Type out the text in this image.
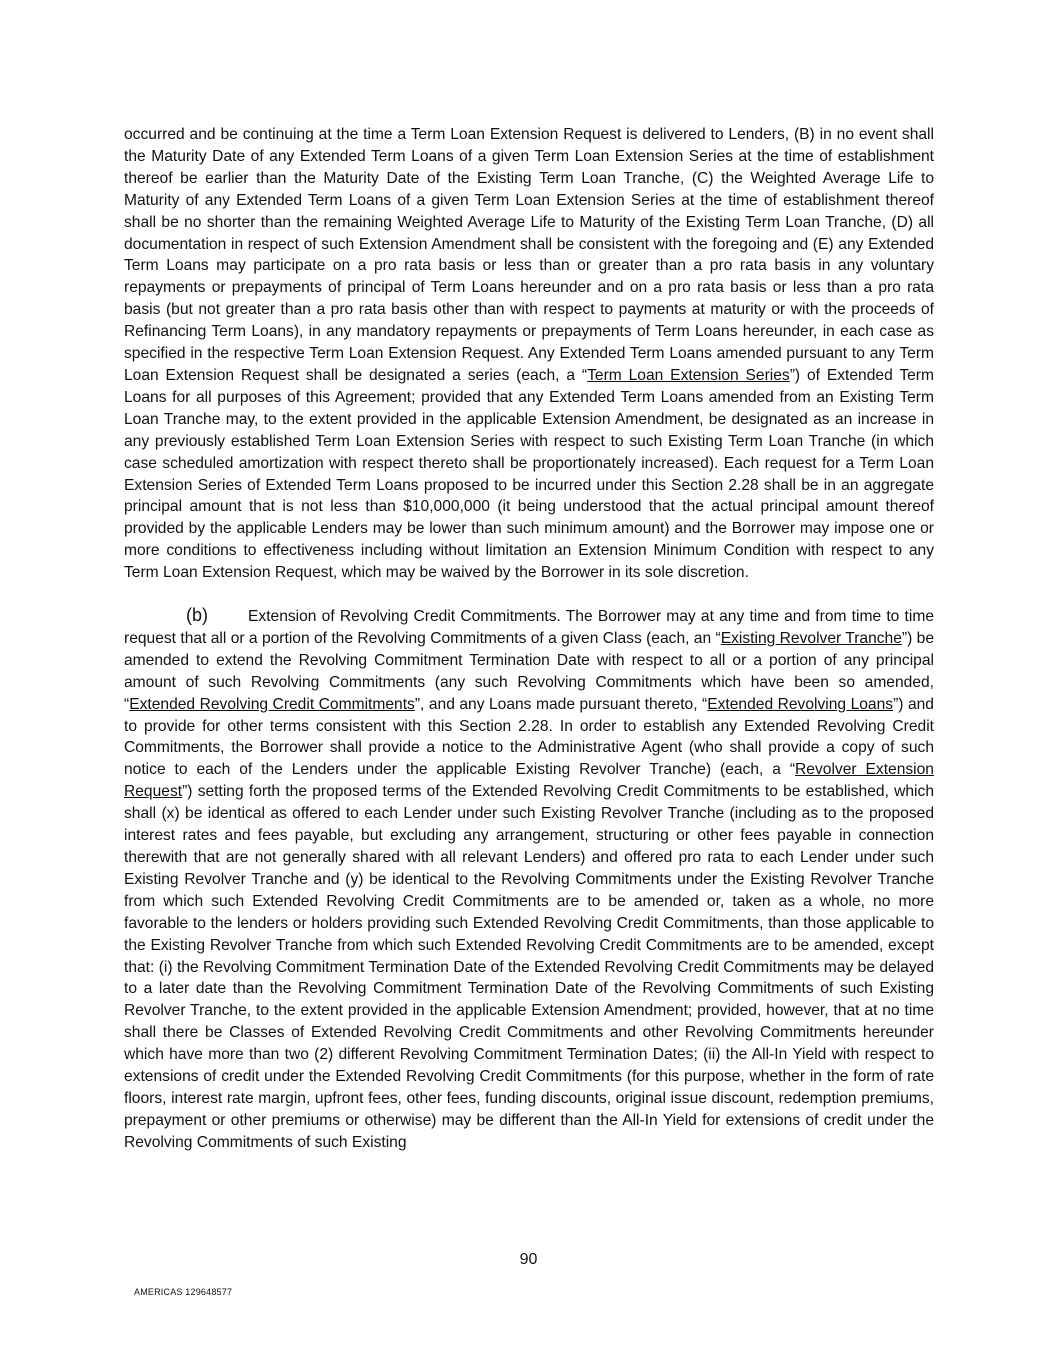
occurred and be continuing at the time a Term Loan Extension Request is delivered to Lenders, (B) in no event shall the Maturity Date of any Extended Term Loans of a given Term Loan Extension Series at the time of establishment thereof be earlier than the Maturity Date of the Existing Term Loan Tranche, (C) the Weighted Average Life to Maturity of any Extended Term Loans of a given Term Loan Extension Series at the time of establishment thereof shall be no shorter than the remaining Weighted Average Life to Maturity of the Existing Term Loan Tranche, (D) all documentation in respect of such Extension Amendment shall be consistent with the foregoing and (E) any Extended Term Loans may participate on a pro rata basis or less than or greater than a pro rata basis in any voluntary repayments or prepayments of principal of Term Loans hereunder and on a pro rata basis or less than a pro rata basis (but not greater than a pro rata basis other than with respect to payments at maturity or with the proceeds of Refinancing Term Loans), in any mandatory repayments or prepayments of Term Loans hereunder, in each case as specified in the respective Term Loan Extension Request. Any Extended Term Loans amended pursuant to any Term Loan Extension Request shall be designated a series (each, a “Term Loan Extension Series”) of Extended Term Loans for all purposes of this Agreement; provided that any Extended Term Loans amended from an Existing Term Loan Tranche may, to the extent provided in the applicable Extension Amendment, be designated as an increase in any previously established Term Loan Extension Series with respect to such Existing Term Loan Tranche (in which case scheduled amortization with respect thereto shall be proportionately increased). Each request for a Term Loan Extension Series of Extended Term Loans proposed to be incurred under this Section 2.28 shall be in an aggregate principal amount that is not less than $10,000,000 (it being understood that the actual principal amount thereof provided by the applicable Lenders may be lower than such minimum amount) and the Borrower may impose one or more conditions to effectiveness including without limitation an Extension Minimum Condition with respect to any Term Loan Extension Request, which may be waived by the Borrower in its sole discretion.

(b)	Extension of Revolving Credit Commitments. The Borrower may at any time and from time to time request that all or a portion of the Revolving Commitments of a given Class (each, an “Existing Revolver Tranche”) be amended to extend the Revolving Commitment Termination Date with respect to all or a portion of any principal amount of such Revolving Commitments (any such Revolving Commitments which have been so amended, “Extended Revolving Credit Commitments”, and any Loans made pursuant thereto, “Extended Revolving Loans”) and to provide for other terms consistent with this Section 2.28. In order to establish any Extended Revolving Credit Commitments, the Borrower shall provide a notice to the Administrative Agent (who shall provide a copy of such notice to each of the Lenders under the applicable Existing Revolver Tranche) (each, a “Revolver Extension Request”) setting forth the proposed terms of the Extended Revolving Credit Commitments to be established, which shall (x) be identical as offered to each Lender under such Existing Revolver Tranche (including as to the proposed interest rates and fees payable, but excluding any arrangement, structuring or other fees payable in connection therewith that are not generally shared with all relevant Lenders) and offered pro rata to each Lender under such Existing Revolver Tranche and (y) be identical to the Revolving Commitments under the Existing Revolver Tranche from which such Extended Revolving Credit Commitments are to be amended or, taken as a whole, no more favorable to the lenders or holders providing such Extended Revolving Credit Commitments, than those applicable to the Existing Revolver Tranche from which such Extended Revolving Credit Commitments are to be amended, except that: (i) the Revolving Commitment Termination Date of the Extended Revolving Credit Commitments may be delayed to a later date than the Revolving Commitment Termination Date of the Revolving Commitments of such Existing Revolver Tranche, to the extent provided in the applicable Extension Amendment; provided, however, that at no time shall there be Classes of Extended Revolving Credit Commitments and other Revolving Commitments hereunder which have more than two (2) different Revolving Commitment Termination Dates; (ii) the All-In Yield with respect to extensions of credit under the Extended Revolving Credit Commitments (for this purpose, whether in the form of rate floors, interest rate margin, upfront fees, other fees, funding discounts, original issue discount, redemption premiums, prepayment or other premiums or otherwise) may be different than the All-In Yield for extensions of credit under the Revolving Commitments of such Existing

90
AMERICAS 129648577
